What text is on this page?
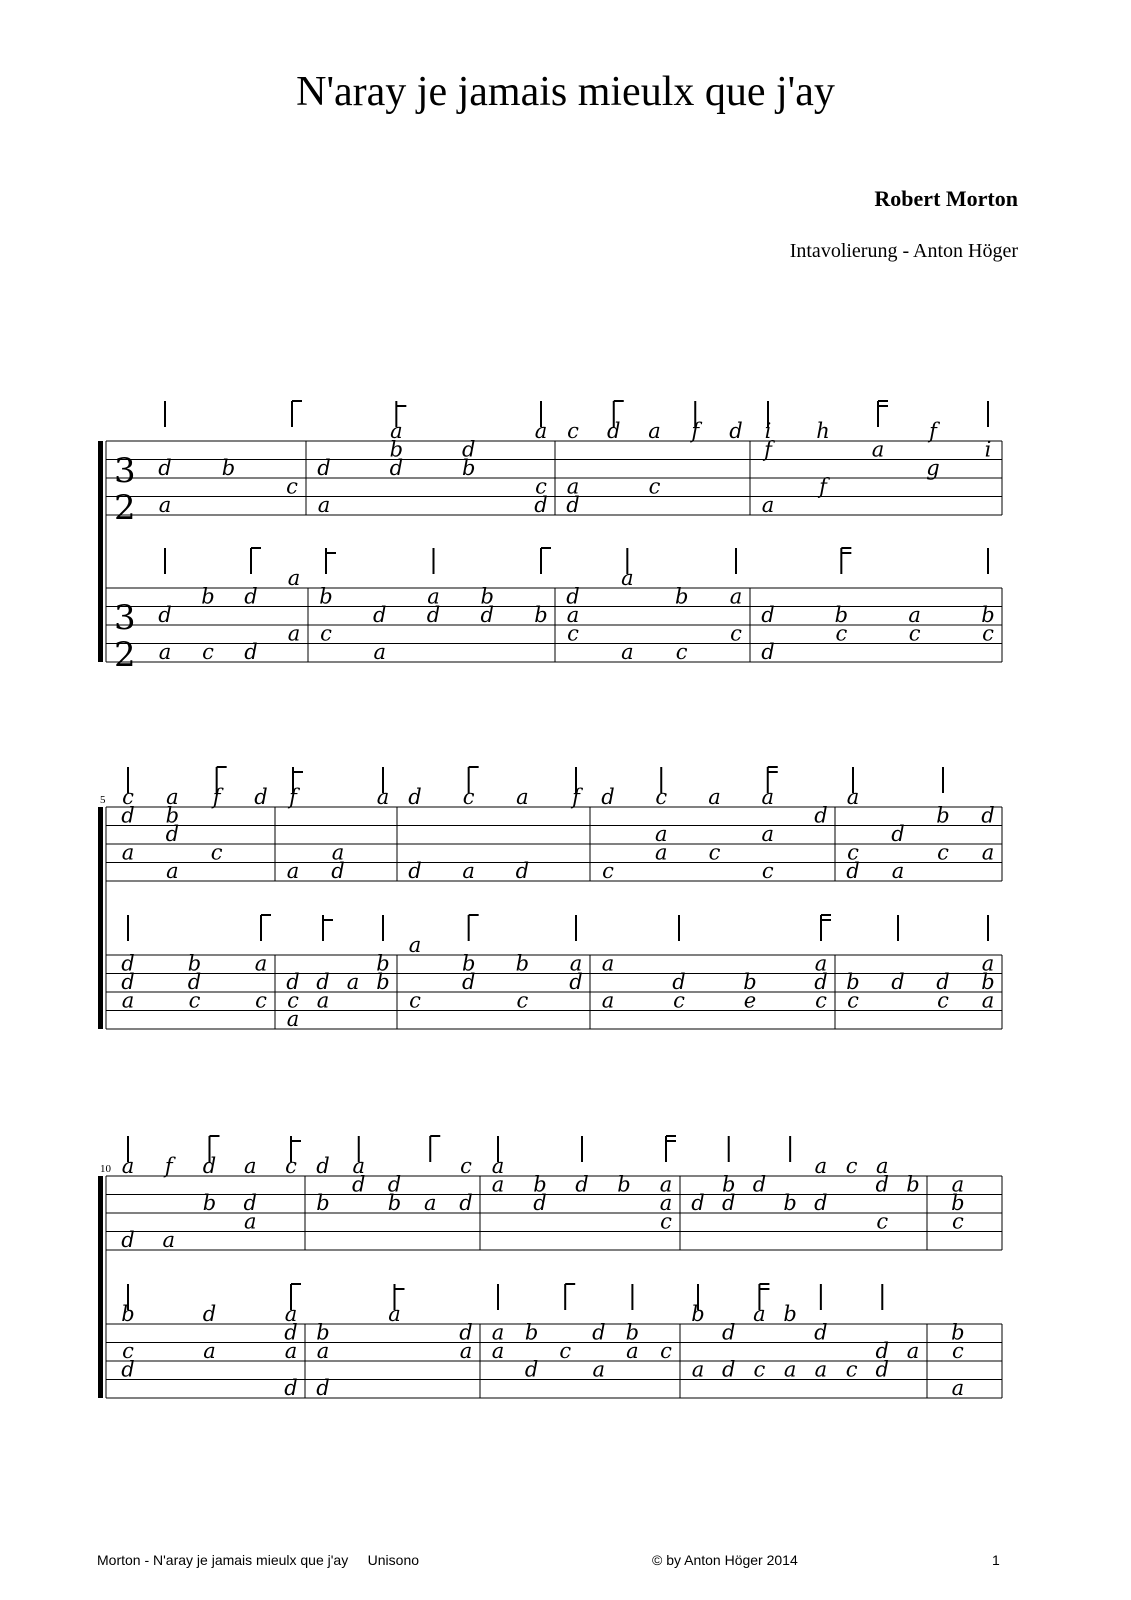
N'aray je jamais mieulx que j'ay
Robert Morton
Intavolierung - Anton Höger
3
2
d
a
b
c
d
a
a
b
d
d
b
a
c
d
c
a
d
d a
c
f d i
f
a
h
f
a
f
g
i
3
2
d
a
b
c
d
d
a
a
b
c
d
a
a
d
b
d b
d
a
c
a
a
b
c
a
c
d
d
b
c
a
c
b
c
5 c
d
a
a
b
d
a
f
c
d f
a
a
d
a d
d
c
a
a
d
f d
c
c
a
a
a
c
a
a
c
d
a
c
d
d
a
b
c
d
a
d
d
a
b
d
c
a
c
d
c
a
d
a
a
b
b
a
c
b
d
b
c
a
d
a
a
d
c
b
e
a
d
c
b
c
d d
c
a
b
a
10 a
d
f
a
d
b
a
d
a
c d
b
a
d d
b a
c
d
a
a b
d
d b a
a
c
d
b
d
d
b
a
d
c a
d
c
b a
b
c
b
c
d
d
a
a
d
a
d
b
a
d
a
d
a
a
a
b
d
c
d
a
b
a c
b
a
d
d
a
c
b
a
d
a c
d
d
a
b
c
a
Morton - N'aray je jamais mieulx que j'ay     Unisono	© by Anton Höger 2014	1
